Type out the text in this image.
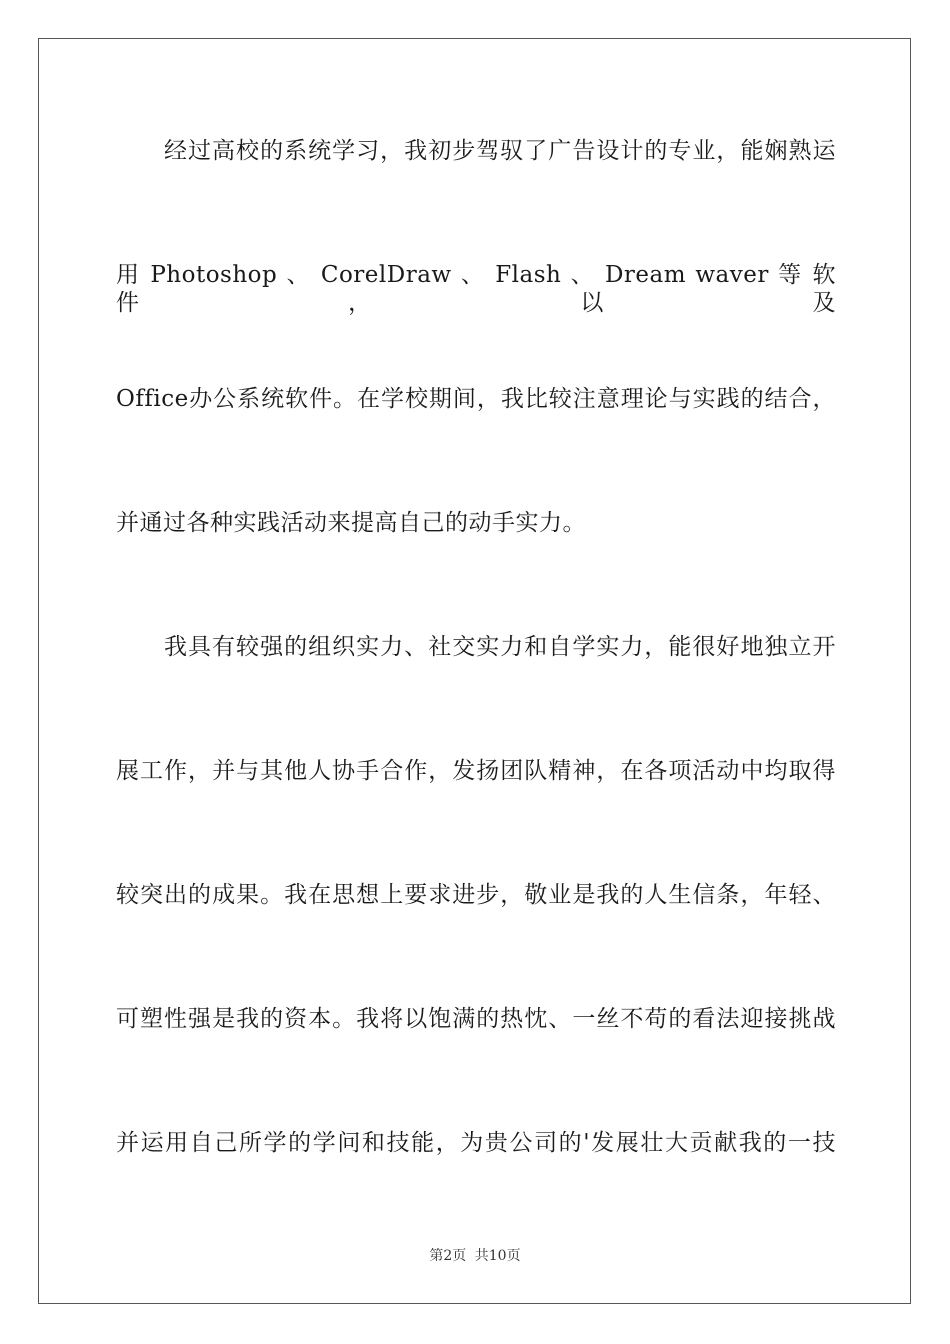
经过高校的系统学习，我初步驾驭了广告设计的专业，能娴熟运
用 Photoshop 、 CorelDraw 、 Flash 、 Dream waver 等 软 件 ， 以 及
Office办公系统软件。在学校期间，我比较注意理论与实践的结合，
并通过各种实践活动来提高自己的动手实力。
我具有较强的组织实力、社交实力和自学实力，能很好地独立开
展工作，并与其他人协手合作，发扬团队精神，在各项活动中均取得
较突出的成果。我在思想上要求进步，敬业是我的人生信条，年轻、
可塑性强是我的资本。我将以饱满的热忱、一丝不苟的看法迎接挑战
并运用自己所学的学问和技能，为贵公司的'发展壮大贡献我的一技
第2页 共10页
